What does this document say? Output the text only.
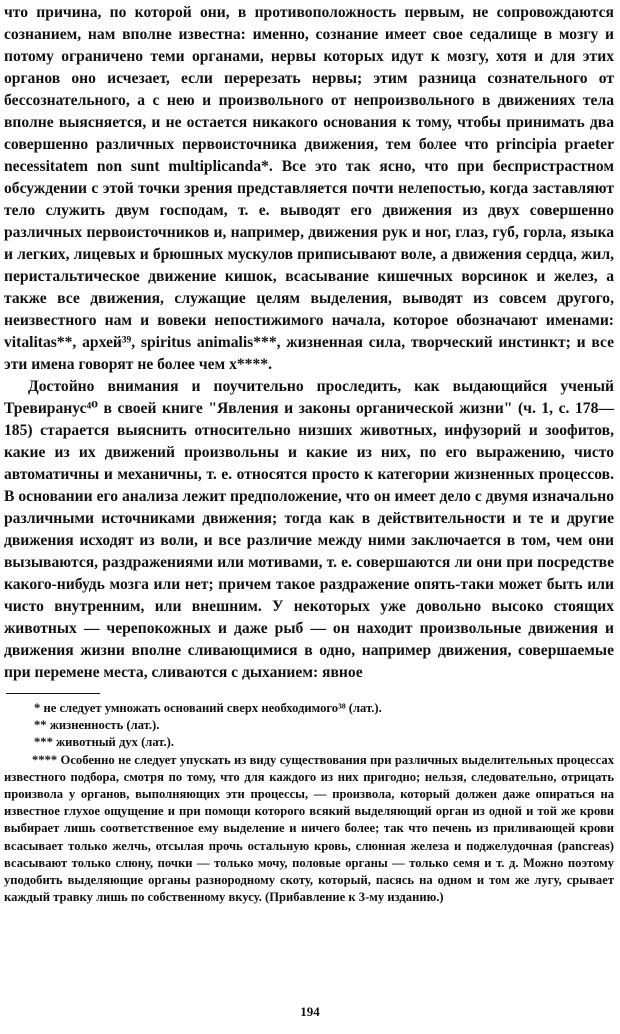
что причина, по которой они, в противоположность первым, не сопровождаются сознанием, нам вполне известна: именно, сознание имеет свое седалище в мозгу и потому ограничено теми органами, нервы которых идут к мозгу, хотя и для этих органов оно исчезает, если перерезать нервы; этим разница сознательного от бессознательного, а с нею и произвольного от непроизвольного в движениях тела вполне выясняется, и не остается никакого основания к тому, чтобы принимать два совершенно различных первоисточника движения, тем более что principia praeter necessitatem non sunt multiplicanda*. Все это так ясно, что при беспристрастном обсуждении с этой точки зрения представляется почти нелепостью, когда заставляют тело служить двум господам, т. е. выводят его движения из двух совершенно различных первоисточников и, например, движения рук и ног, глаз, губ, горла, языка и легких, лицевых и брюшных мускулов приписывают воле, а движения сердца, жил, перистальтическое движение кишок, всасывание кишечных ворсинок и желез, а также все движения, служащие целям выделения, выводят из совсем другого, неизвестного нам и вовеки непостижимого начала, которое обозначают именами: vitalitas**, архей³⁹, spiritus animalis***, жизненная сила, творческий инстинкт; и все эти имена говорят не более чем x****.

Достойно внимания и поучительно проследить, как выдающийся ученый Тревиранус⁴⁰ в своей книге "Явления и законы органической жизни" (ч. 1, с. 178—185) старается выяснить относительно низших животных, инфузорий и зоофитов, какие из их движений произвольны и какие из них, по его выражению, чисто автоматичны и механичны, т. е. относятся просто к категории жизненных процессов. В основании его анализа лежит предположение, что он имеет дело с двумя изначально различными источниками движения; тогда как в действительности и те и другие движения исходят из воли, и все различие между ними заключается в том, чем они вызываются, раздражениями или мотивами, т. е. совершаются ли они при посредстве какого-нибудь мозга или нет; причем такое раздражение опять-таки может быть или чисто внутренним, или внешним. У некоторых уже довольно высоко стоящих животных — черепокожных и даже рыб — он находит произвольные движения и движения жизни вполне сливающимися в одно, например движения, совершаемые при перемене места, сливаются с дыханием: явное

* не следует умножать оснований сверх необходимого³⁸ (лат.).

** жизненность (лат.).

*** животный дух (лат.).

**** Особенно не следует упускать из виду существования при различных выделительных процессах известного подбора, смотря по тому, что для каждого из них пригодно; нельзя, следовательно, отрицать произвола у органов, выполняющих эти процессы, — произвола, который должен даже опираться на известное глухое ощущение и при помощи которого всякий выделяющий орган из одной и той же крови выбирает лишь соответственное ему выделение и ничего более; так что печень из приливающей крови всасывает только желчь, отсылая прочь остальную кровь, слюнная железа и поджелудочная (pancreas) всасывают только слюну, почки — только мочу, половые органы — только семя и т. д. Можно поэтому уподобить выделяющие органы разнородному скоту, который, пасясь на одном и том же лугу, срывает каждый травку лишь по собственному вкусу. (Прибавление к 3-му изданию.)

194
